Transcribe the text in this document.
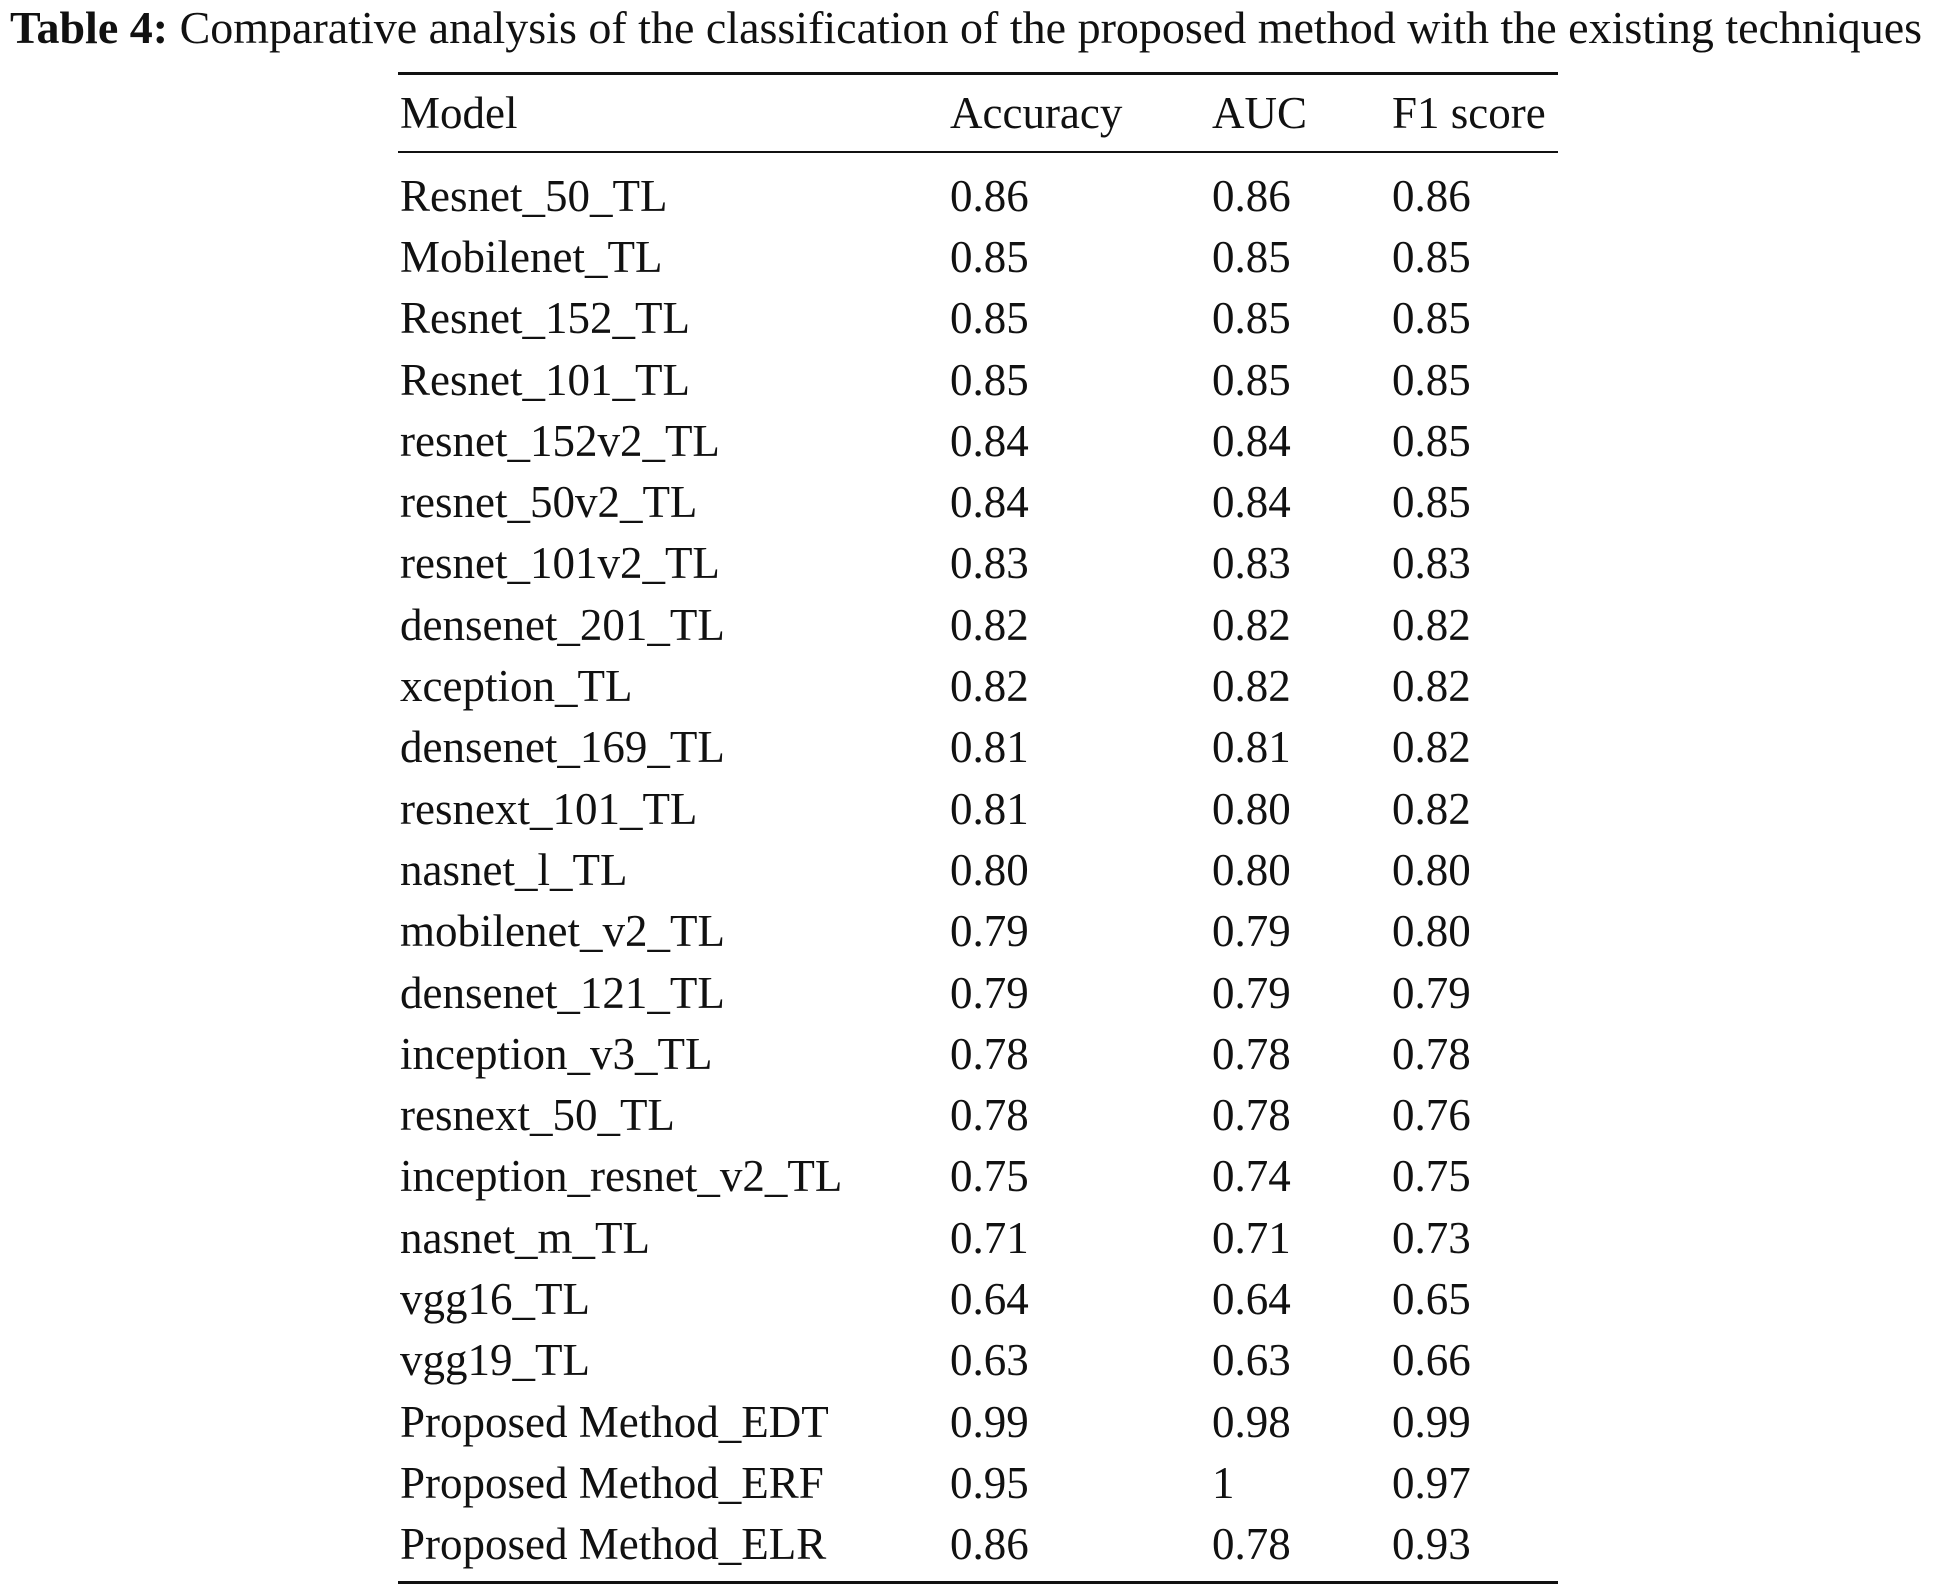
Table 4: Comparative analysis of the classification of the proposed method with the existing techniques
Model	Accuracy	AUC	F1 score
Resnet_50_TL	0.86	0.86	0.86
Mobilenet_TL	0.85	0.85	0.85
Resnet_152_TL	0.85	0.85	0.85
Resnet_101_TL	0.85	0.85	0.85
resnet_152v2_TL	0.84	0.84	0.85
resnet_50v2_TL	0.84	0.84	0.85
resnet_101v2_TL	0.83	0.83	0.83
densenet_201_TL	0.82	0.82	0.82
xception_TL	0.82	0.82	0.82
densenet_169_TL	0.81	0.81	0.82
resnext_101_TL	0.81	0.80	0.82
nasnet_l_TL	0.80	0.80	0.80
mobilenet_v2_TL	0.79	0.79	0.80
densenet_121_TL	0.79	0.79	0.79
inception_v3_TL	0.78	0.78	0.78
resnext_50_TL	0.78	0.78	0.76
inception_resnet_v2_TL	0.75	0.74	0.75
nasnet_m_TL	0.71	0.71	0.73
vgg16_TL	0.64	0.64	0.65
vgg19_TL	0.63	0.63	0.66
Proposed Method_EDT	0.99	0.98	0.99
Proposed Method_ERF	0.95	1	0.97
Proposed Method_ELR	0.86	0.78	0.93
